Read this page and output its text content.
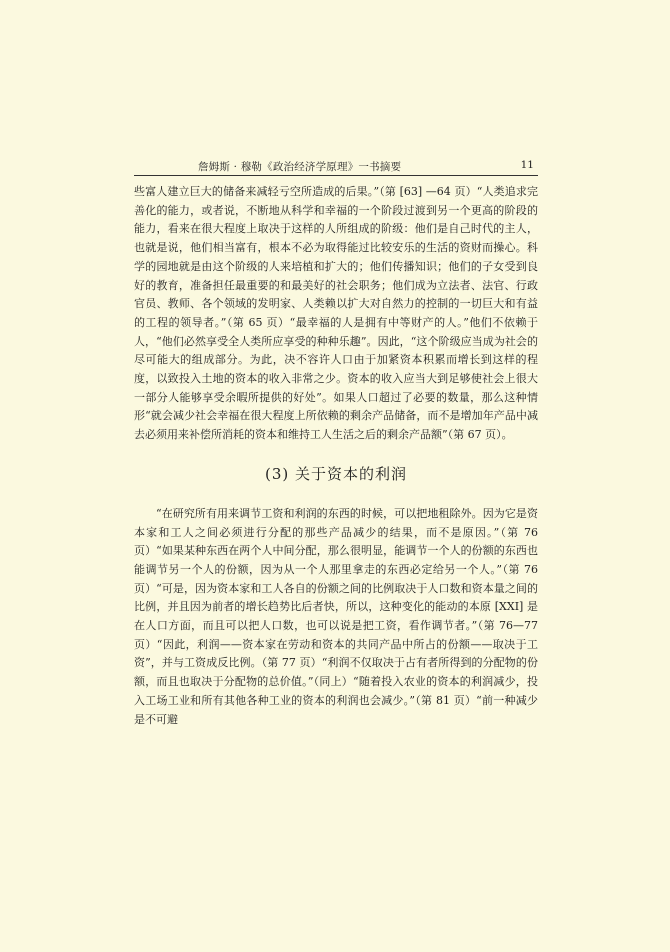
詹姆斯 · 穆勒《政治经济学原理》一书摘要	11

些富人建立巨大的储备来减轻亏空所造成的后果。”（第 [63] —64 页）“人类追求完善化的能力，或者说，不断地从科学和幸福的一个阶段过渡到另一个更高的阶段的能力，看来在很大程度上取决于这样的人所组成的阶级：他们是自己时代的主人，也就是说，他们相当富有，根本不必为取得能过比较安乐的生活的资财而操心。科学的园地就是由这个阶级的人来培植和扩大的；他们传播知识；他们的子女受到良好的教育，准备担任最重要的和最美好的社会职务；他们成为立法者、法官、行政官员、教师、各个领域的发明家、人类赖以扩大对自然力的控制的一切巨大和有益的工程的领导者。”（第 65 页）“最幸福的人是拥有中等财产的人。”他们不依赖于人，“他们必然享受全人类所应享受的种种乐趣”。因此，“这个阶级应当成为社会的尽可能大的组成部分。为此，决不容许人口由于加紧资本积累而增长到这样的程度，以致投入土地的资本的收入非常之少。资本的收入应当大到足够使社会上很大一部分人能够享受余暇所提供的好处”。如果人口超过了必要的数量，那么这种情形“就会减少社会幸福在很大程度上所依赖的剩余产品储备，而不是增加年产品中减去必须用来补偿所消耗的资本和维持工人生活之后的剩余产品额”（第 67 页）。

(3) 关于资本的利润

“在研究所有用来调节工资和利润的东西的时候，可以把地租除外。因为它是资本家和工人之间必须进行分配的那些产品减少的结果，而不是原因。”（第 76 页）“如果某种东西在两个人中间分配，那么很明显，能调节一个人的份额的东西也能调节另一个人的份额，因为从一个人那里拿走的东西必定给另一个人。”（第 76 页）“可是，因为资本家和工人各自的份额之间的比例取决于人口数和资本量之间的比例，并且因为前者的增长趋势比后者快，所以，这种变化的能动的本原 [XXI] 是在人口方面，而且可以把人口数，也可以说是把工资，看作调节者。”（第 76—77 页）“因此，利润——资本家在劳动和资本的共同产品中所占的份额——取决于工资”，并与工资成反比例。（第 77 页）“利润不仅取决于占有者所得到的分配物的份额，而且也取决于分配物的总价值。”（同上）“随着投入农业的资本的利润减少，投入工场工业和所有其他各种工业的资本的利润也会减少。”（第 81 页）“前一种减少是不可避
